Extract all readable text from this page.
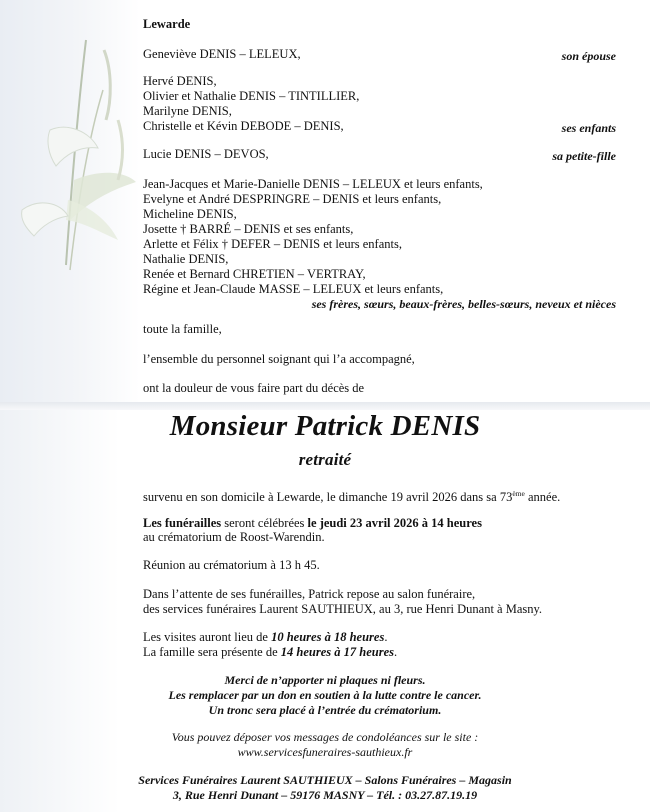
Lewarde
Geneviève DENIS – LELEUX,	son épouse
Hervé DENIS,
Olivier et Nathalie DENIS – TINTILLIER,
Marilyne DENIS,
Christelle et Kévin DEBODE – DENIS,	ses enfants
Lucie DENIS – DEVOS,	sa petite-fille
Jean-Jacques et Marie-Danielle DENIS – LELEUX et leurs enfants,
Evelyne et André DESPRINGRE – DENIS et leurs enfants,
Micheline DENIS,
Josette † BARRÉ – DENIS et ses enfants,
Arlette et Félix † DEFER – DENIS et leurs enfants,
Nathalie DENIS,
Renée et Bernard CHRETIEN – VERTRAY,
Régine et Jean-Claude MASSE – LELEUX et leurs enfants,
ses frères, sœurs, beaux-frères, belles-sœurs, neveux et nièces
toute la famille,
l’ensemble du personnel soignant qui l’a accompagné,
ont la douleur de vous faire part du décès de
Monsieur Patrick DENIS
retraité
survenu en son domicile à Lewarde, le dimanche 19 avril 2026 dans sa 73ème année.
Les funérailles seront célébrées le jeudi 23 avril 2026 à 14 heures
au crématorium de Roost-Warendin.
Réunion au crématorium à 13 h 45.
Dans l’attente de ses funérailles, Patrick repose au salon funéraire,
des services funéraires Laurent SAUTHIEUX, au 3, rue Henri Dunant à Masny.
Les visites auront lieu de 10 heures à 18 heures.
La famille sera présente de 14 heures à 17 heures.
Merci de n’apporter ni plaques ni fleurs.
Les remplacer par un don en soutien à la lutte contre le cancer.
Un tronc sera placé à l’entrée du crématorium.
Vous pouvez déposer vos messages de condoléances sur le site :
www.servicesfuneraires-sauthieux.fr
Services Funéraires Laurent SAUTHIEUX – Salons Funéraires – Magasin
3, Rue Henri Dunant – 59176 MASNY – Tél. : 03.27.87.19.19
